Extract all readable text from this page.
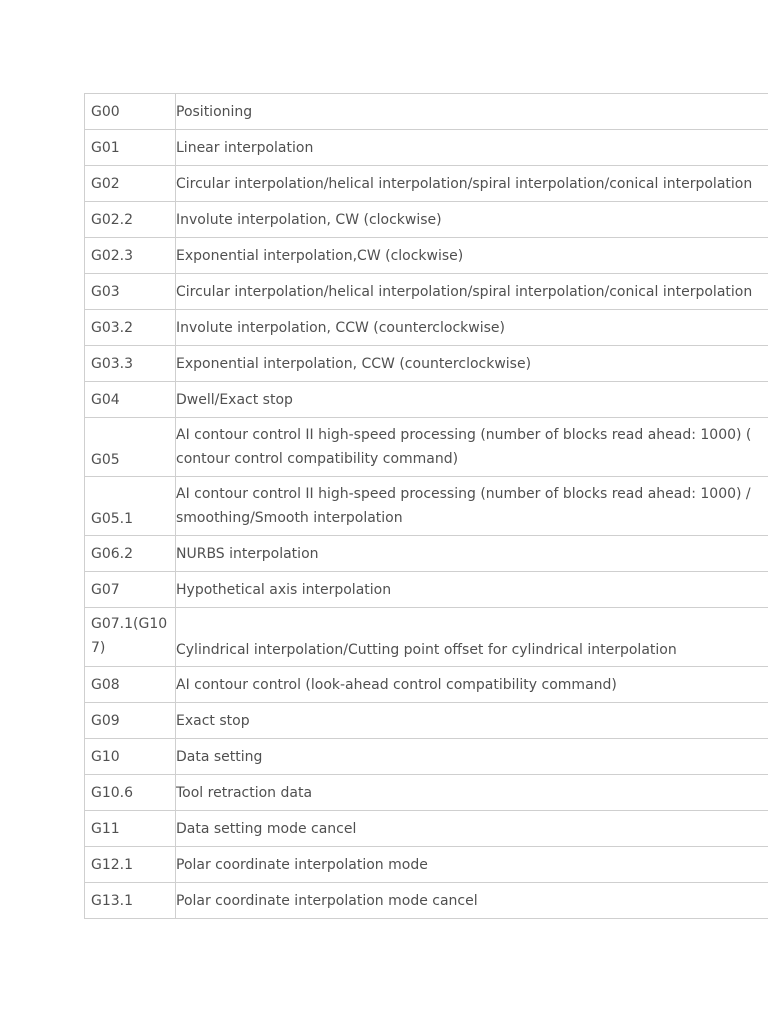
G00	Positioning
G01	Linear interpolation
G02	Circular interpolation/helical interpolation/spiral interpolation/conical interpolation
G02.2	Involute interpolation, CW (clockwise)
G02.3	Exponential interpolation,CW (clockwise)
G03	Circular interpolation/helical interpolation/spiral interpolation/conical interpolation
G03.2	Involute interpolation, CCW (counterclockwise)
G03.3	Exponential interpolation, CCW (counterclockwise)
G04	Dwell/Exact stop
G05	AI contour control II high-speed processing (number of blocks read ahead: 1000) (
contour control compatibility command)

G05.1	AI contour control II high-speed processing (number of blocks read ahead: 1000) /
smoothing/Smooth interpolation

G06.2	NURBS interpolation
G07	Hypothetical axis interpolation

G07.1(G10
7)	Cylindrical interpolation/Cutting point offset for cylindrical interpolation
G08	AI contour control (look-ahead control compatibility command)
G09	Exact stop
G10	Data setting
G10.6	Tool retraction data
G11	Data setting mode cancel
G12.1	Polar coordinate interpolation mode
G13.1	Polar coordinate interpolation mode cancel
